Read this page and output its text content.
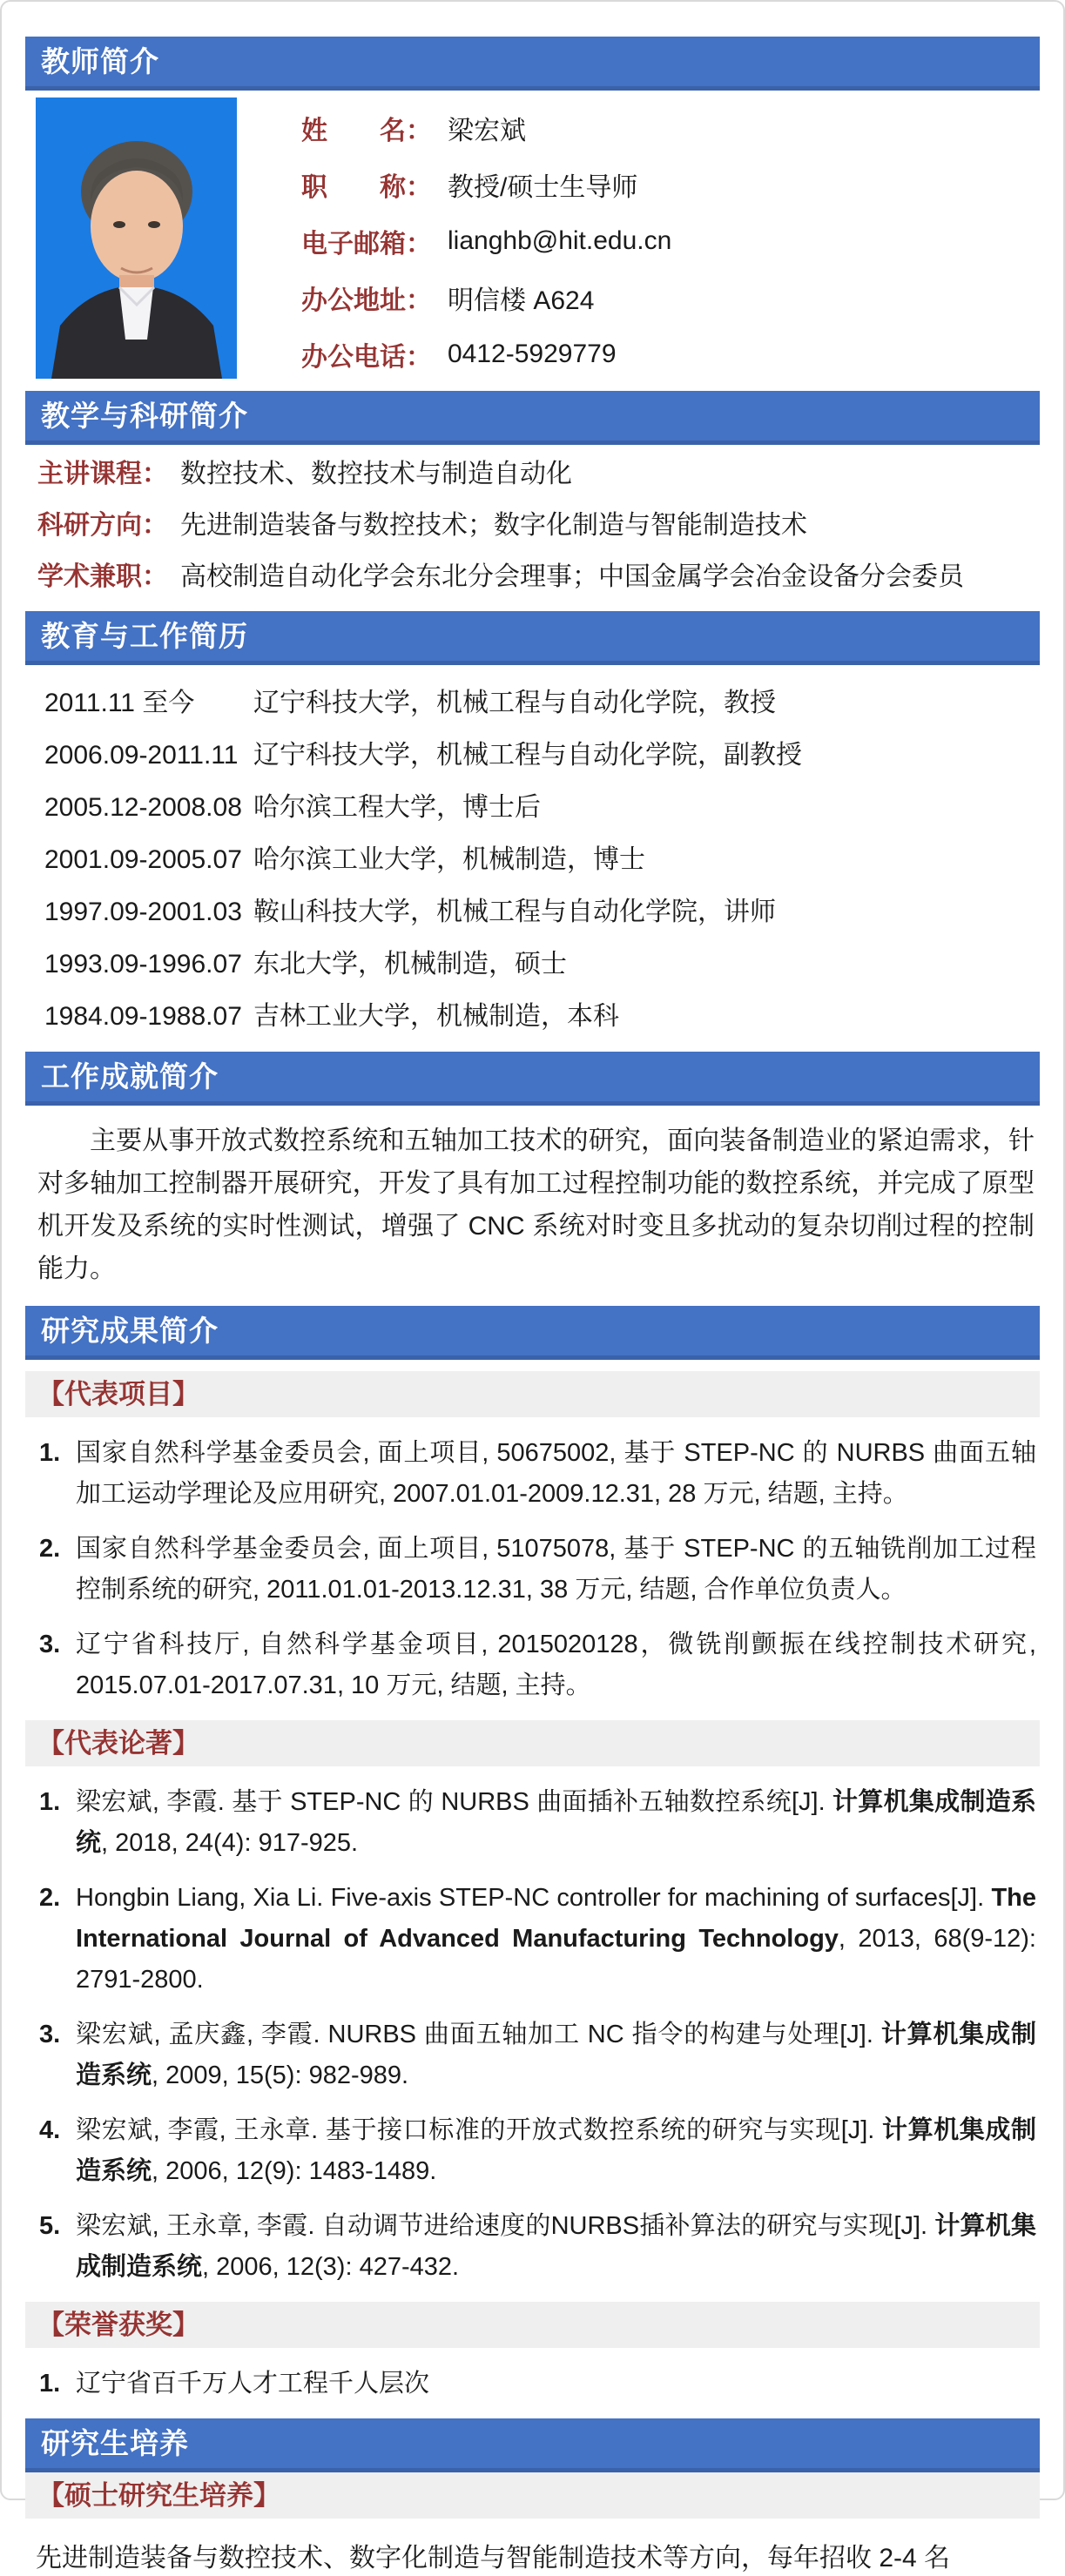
教师简介
姓　　名： 梁宏斌
职　　称： 教授/硕士生导师
电子邮箱： lianghb@hit.edu.cn
办公地址： 明信楼 A624
办公电话： 0412-5929779
教学与科研简介
主讲课程： 数控技术、数控技术与制造自动化
科研方向： 先进制造装备与数控技术；数字化制造与智能制造技术
学术兼职： 高校制造自动化学会东北分会理事；中国金属学会冶金设备分会委员
教育与工作简历
2011.11 至今	辽宁科技大学，机械工程与自动化学院，教授
2006.09-2011.11 辽宁科技大学，机械工程与自动化学院，副教授
2005.12-2008.08 哈尔滨工程大学，博士后
2001.09-2005.07 哈尔滨工业大学，机械制造，博士
1997.09-2001.03 鞍山科技大学，机械工程与自动化学院，讲师
1993.09-1996.07 东北大学，机械制造，硕士
1984.09-1988.07 吉林工业大学，机械制造，本科
工作成就简介

主要从事开放式数控系统和五轴加工技术的研究，面向装备制造业的紧迫需求，针对多轴加工控制器开展研究，开发了具有加工过程控制功能的数控系统，并完成了原型机开发及系统的实时性测试，增强了 CNC 系统对时变且多扰动的复杂切削过程的控制能力。

研究成果简介
【代表项目】
1. 国家自然科学基金委员会, 面上项目, 50675002, 基于 STEP-NC 的 NURBS 曲面五轴加工运动学理论及应用研究, 2007.01.01-2009.12.31, 28 万元, 结题, 主持。
2. 国家自然科学基金委员会, 面上项目, 51075078, 基于 STEP-NC 的五轴铣削加工过程控制系统的研究, 2011.01.01-2013.12.31, 38 万元, 结题, 合作单位负责人。
3. 辽宁省科技厅, 自然科学基金项目, 2015020128，微铣削颤振在线控制技术研究, 2015.07.01-2017.07.31, 10 万元, 结题, 主持。
【代表论著】
1. 梁宏斌, 李霞. 基于 STEP-NC 的 NURBS 曲面插补五轴数控系统[J]. 计算机集成制造系统, 2018, 24(4): 917-925.
2. Hongbin Liang, Xia Li. Five-axis STEP-NC controller for machining of surfaces[J]. The International Journal of Advanced Manufacturing Technology, 2013, 68(9-12): 2791-2800.
3. 梁宏斌, 孟庆鑫, 李霞. NURBS 曲面五轴加工 NC 指令的构建与处理[J]. 计算机集成制造系统, 2009, 15(5): 982-989.
4. 梁宏斌, 李霞, 王永章. 基于接口标准的开放式数控系统的研究与实现[J]. 计算机集成制造系统, 2006, 12(9): 1483-1489.
5. 梁宏斌, 王永章, 李霞. 自动调节进给速度的NURBS插补算法的研究与实现[J]. 计算机集成制造系统, 2006, 12(3): 427-432.
【荣誉获奖】
1. 辽宁省百千万人才工程千人层次
研究生培养
【硕士研究生培养】
先进制造装备与数控技术、数字化制造与智能制造技术等方向，每年招收 2-4 名
